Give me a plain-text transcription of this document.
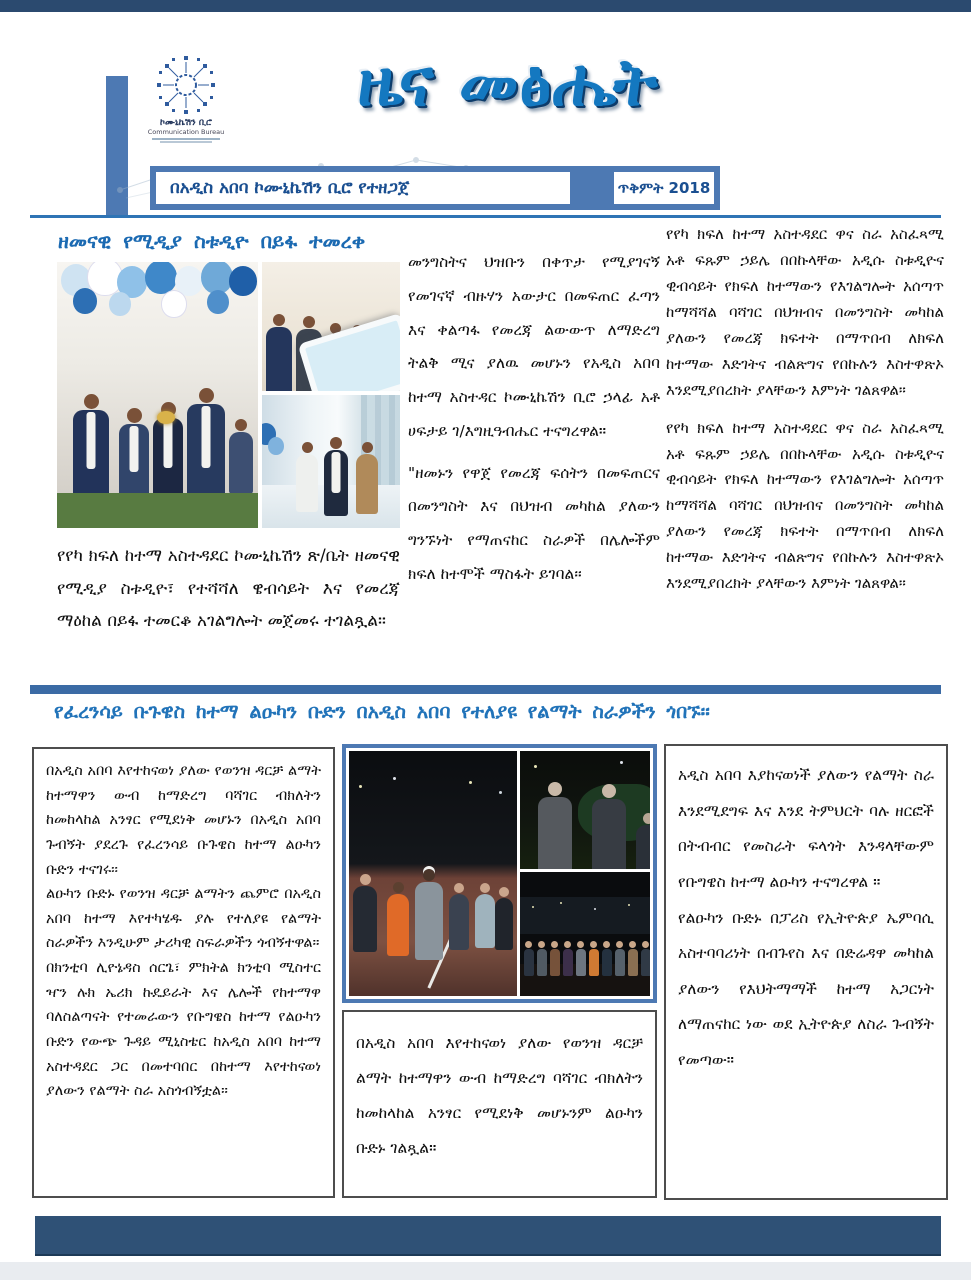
ኮሙኒኬሽን ቢሮ
Communication Bureau
ዜና መፅሔት
በአዲስ አበባ ኮሙኒኬሽን ቢሮ የተዘጋጀ	ጥቅምት 2018
ዘመናዊ የሚዲያ ስቱዲዮ በይፋ ተመረቀ

የየካ ክፍለ ከተማ አስተዳደር ኮሙኒኬሽን ጽ/ቤት ዘመናዊ የሚዲያ ስቱዲዮ፣ የተሻሻለ ዌብሳይት እና የመረጃ ማዕከል በይፋ ተመርቆ አገልግሎት መጀመሩ ተገልጿል።

መንግስትና ህዝቡን በቀጥታ የሚያገናኝ የመገናኛ ብዙሃን አውታር በመፍጠር ፈጣን እና ቀልጣፋ የመረጃ ልውውጥ ለማድረግ ትልቅ ሚና ያለዉ መሆኑን የአዲስ አበባ ከተማ አስተዳር ኮሙኒኬሽን ቢሮ ኃላፊ አቶ ሀፍታይ ገ/እግዚዓብሔር ተናግረዋል።

"ዘመኑን የዋጀ የመረጃ ፍሰትን በመፍጠርና በመንግስት እና በህዝብ መካከል ያለውን ግንኙነት የማጠናከር ስራዎች በሌሎችም ክፍለ ከተሞች ማስፋት ይገባል፡፡

የየካ ክፍለ ከተማ አስተዳደር ዋና ስራ አስፈጻሚ አቶ ፍጹም ኃይሌ በበኩላቸው አዲሱ ስቱዲዮና ዊብሳይት የክፍለ ከተማውን የእገልግሎት አሰጣጥ ከማሻሻል ባሻገር በህዝብና በመንግስት መካከል ያለውን የመረጃ ክፍተት በማጥበብ ለክፍለ ከተማው እድገትና ብልጽግና የበኩሉን እስተዋጽኦ እንደሚያበረክት ያላቸውን እምነት ገልጸዋል።

የየካ ክፍለ ከተማ አስተዳደር ዋና ስራ አስፈጻሚ አቶ ፍጹም ኃይሌ በበኩላቸው አዲሱ ስቱዲዮና ዊብሳይት የክፍለ ከተማውን የእገልግሎት አሰጣጥ ከማሻሻል ባሻገር በህዝብና በመንግስት መካከል ያለውን የመረጃ ክፍተት በማጥበብ ለክፍለ ከተማው እድገትና ብልጽግና የበኩሉን እስተዋጽኦ እንደሚያበረክት ያላቸውን እምነት ገልጸዋል።

የፈረንሳይ ቡጉዌስ ከተማ ልዑካን ቡድን በአዲስ አበባ የተለያዩ የልማት ስራዎችን ጎበኙ፡፡

በአዲስ አበባ እየተከናወነ ያለው የወንዝ ዳርቻ ልማት ከተማዋን ውብ ከማድረግ ባሻገር ብክለትን ከመከላከል አንፃር የሚደነቅ መሆኑን በአዲስ አበባ ጉብኝት ያደረጉ የፈረንሳይ ቡጉዌስ ከተማ ልዑካን ቡድን ተናገሩ፡፡

ልዑካን ቡድኑ የወንዝ ዳርቻ ልማትን ጨምሮ በአዲስ አበባ ከተማ እየተካሄዱ ያሉ የተለያዩ የልማት ስራዎችን እንዲሁም ታሪካዊ ስፍራዎችን ጎብኝተዋል።

በክንቲባ ሊዮኔዳስ ሰርጌ፣ ምክትል ክንቲባ ሚስተር ዣን ሉክ ኤሪክ ኩዴይራት እና ሌሎች የከተማዋ ባለስልጣናት የተመራውን የቡግዌስ ከተማ የልዑካን ቡድን የውጭ ጉዳይ ሚኒስቴር ከአዲስ አበባ ከተማ አስተዳደር ጋር በመተባበር በከተማ እየተከናወነ ያለውን የልማት ስራ አስጎብኝቷል።

በአዲስ አበባ እየተከናወነ ያለው የወንዝ ዳርቻ ልማት ከተማዋን ውብ ከማድረግ ባሻገር ብክለትን ከመከላከል አንፃር የሚደነቅ መሆኑንም ልዑካን ቡድኑ ገልጿል።

አዲስ አበባ እያከናወነች ያለውን የልማት ስራ እንደሚደግፍ እና እንደ ትምህርት ባሉ ዘርፎች በትብብር የመስራት ፍላጎት እንዳላቸውም የቡግዌስ ከተማ ልዑካን ተናግረዋል ።

የልዑካን ቡድኑ በፓሪስ የኢትዮጵያ ኤምባሲ አስተባባሪነት በብጉየስ እና በድሬዳዋ መካከል ያለውን የእህትማማች ከተማ አጋርነት ለማጠናከር ነው ወደ ኢትዮጵያ ለስራ ጉብኝት የመጣው።
